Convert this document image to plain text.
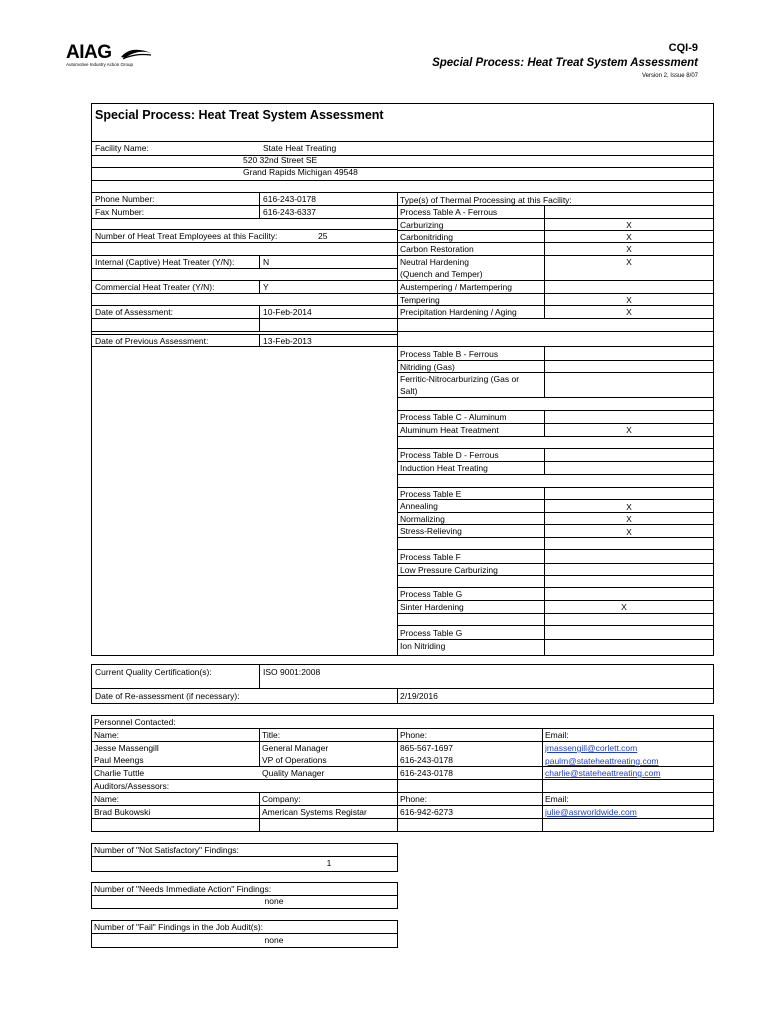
AIAG
Automotive Industry Action Group
CQI-9
Special Process: Heat Treat System Assessment
Version 2, Issue 8/07
Special Process: Heat Treat System Assessment
Facility Name:	State Heat Treating
520 32nd Street SE
Grand Rapids Michigan 49548
Phone Number:	616-243-0178
Fax Number:	616-243-6337
Number of Heat Treat Employees at this Facility:	25
Internal (Captive) Heat Treater (Y/N):	N
Commercial Heat Treater (Y/N):	Y
Date of Assessment:	10-Feb-2014
Date of Previous Assessment:	13-Feb-2013
Type(s) of Thermal Processing at this Facility:
Process Table A - Ferrous
Carburizing	X
Carbonitriding	X
Carbon Restoration	X
Neutral Hardening	X
(Quench and Temper)
Austempering / Martempering
Tempering	X
Precipitation Hardening / Aging	X
Process Table B - Ferrous
Nitriding (Gas)
Ferritic-Nitrocarburizing (Gas or
Salt)
Process Table C - Aluminum
Aluminum Heat Treatment	X
Process Table D - Ferrous
Induction Heat Treating
Process Table E
Annealing	X
Normalizing	X
Stress-Relieving	X
Process Table F
Low Pressure Carburizing
Process Table G
Sinter Hardening	X
Process Table G
Ion Nitriding
Current Quality Certification(s):	ISO 9001:2008
Date of Re-assessment (if necessary):	2/19/2016
Personnel Contacted:
Name:	Title:	Phone:	Email:
Jesse Massengill	General Manager	865-567-1697	jmassengill@corlett.com
Paul Meengs	VP of Operations	616-243-0178	paulm@stateheattreating.com
Charlie Tuttle	Quality Manager	616-243-0178	charlie@stateheattreating.com
Auditors/Assessors:
Name:	Company:	Phone:	Email:
Brad Bukowski	American Systems Registar	616-942-6273	julie@asrworldwide.com
Number of "Not Satisfactory" Findings:
1
Number of "Needs Immediate Action" Findings:
none
Number of "Fail" Findings in the Job Audit(s):
none
